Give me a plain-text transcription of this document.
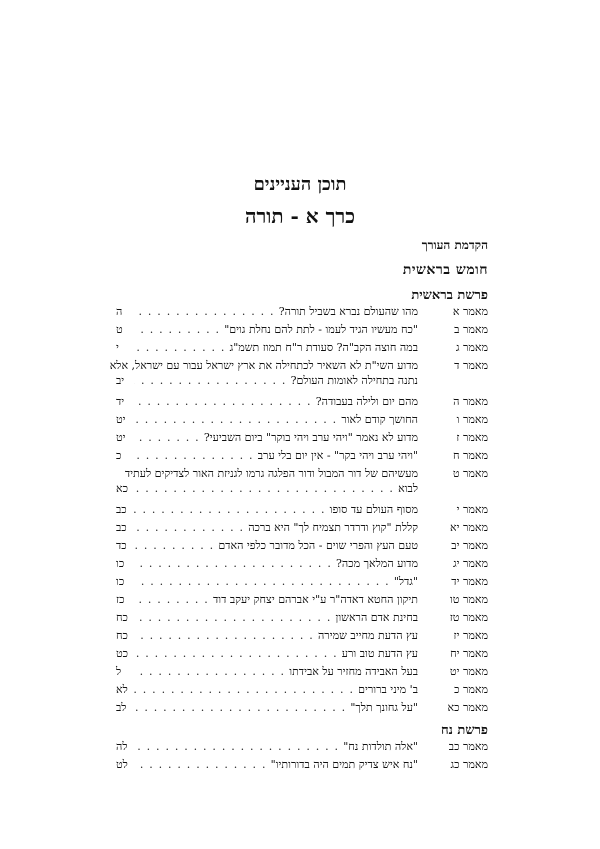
תוכן העניינים
כרך א - תורה
הקדמת העורך
חומש בראשית
פרשת בראשית
מאמר א
מהו שהעולם נברא בשביל תורה?
. . .
ה
מאמר ב
"כח מעשיו הגיד לעמו - לתת להם נחלת גוים"
. . .
ט
מאמר ג
במה חוצה הקב"ה? סעודת ר"ח תמוז תשמ"ג
. . .
י
מאמר ד
מדוע השי"ת לא השאיר לכתחילה את ארץ ישראל עבור עם ישראל, אלא
נתנה בתחילה לאומות העולם?
. . .
יב
מאמר ה
מהם יום ולילה בעבודה?
. . .
יד
מאמר ו
החושך קודם לאור
. . .
יט
מאמר ז
מדוע לא נאמר "ויהי ערב ויהי בוקר" ביום השביעי?
. . .
יט
מאמר ח
"ויהי ערב ויהי בקר" - אין יום בלי ערב
. . .
כ
מאמר ט
מעשיהם של דור המבול ודור הפלגה גרמו לגניזת האור לצדיקים לעתיד
לבוא
. . .
כא
מאמר י
מסוף העולם עד סופו
. . .
כב
מאמר יא
קללת "קוץ ודרדר תצמיח לך" היא ברכה
. . .
כב
מאמר יב
טעם העץ והפרי שוים - הכל מדובר כלפי האדם
. . .
כד
מאמר יג
מדוע המלאך מכה?
. . .
כו
מאמר יד
"גדל"
. . .
כו
מאמר טו
תיקון החטא דאדה"ר ע"י אברהם יצחק יעקב דוד
. . .
כז
מאמר טז
בחינת אדם הראשון
. . .
כח
מאמר יז
עץ הדעת מחייב שמירה
. . .
כח
מאמר יח
עץ הדעת טוב ורע
. . .
כט
מאמר יט
בעל האבידה מחזיר על אבידתו
. . .
ל
מאמר כ
ב' מיני ברורים
. . .
לא
מאמר כא
"על גחונך תלך"
. . .
לב
פרשת נח
מאמר כב
"אלה תולדות נח"
. . .
לה
מאמר כג
"נח איש צדיק תמים היה בדורותיו"
. . .
לט
